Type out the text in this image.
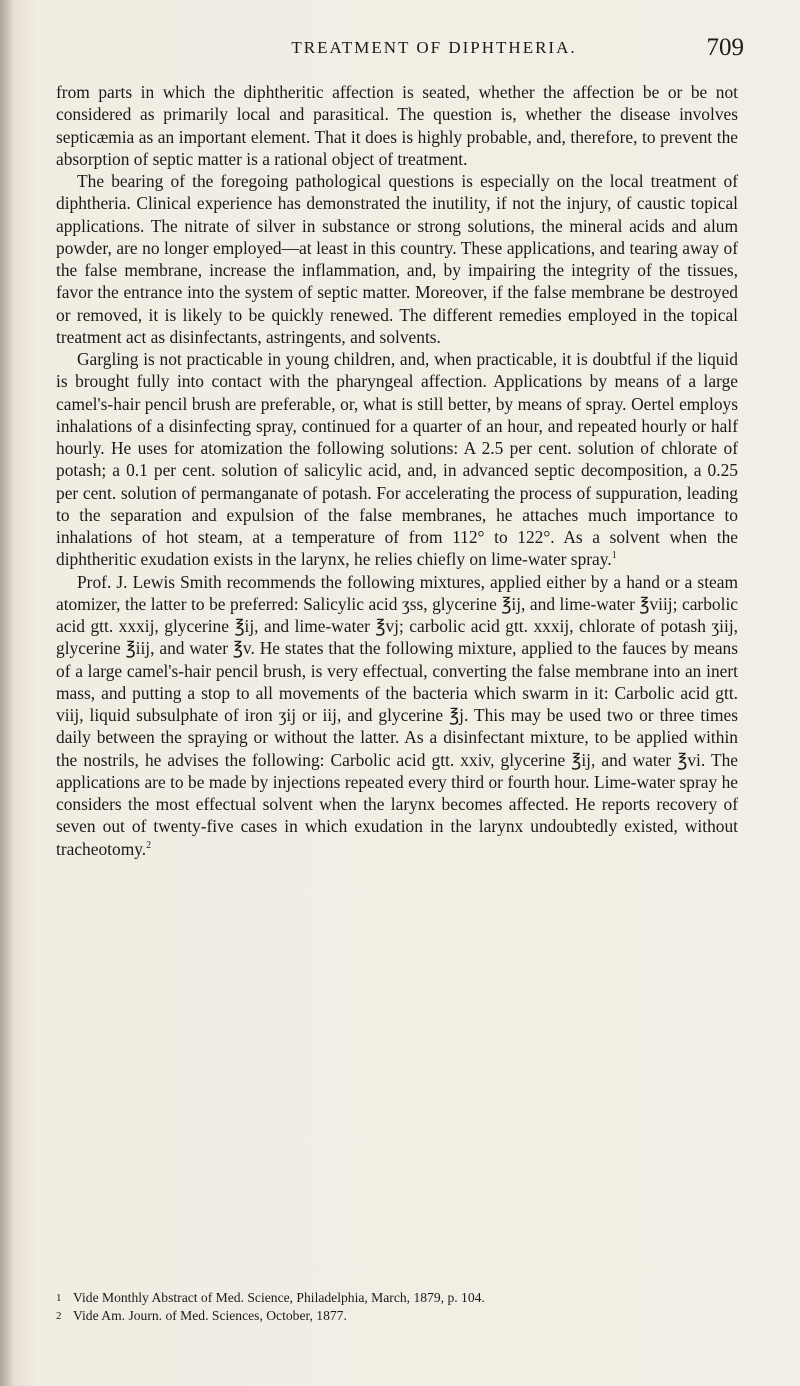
TREATMENT OF DIPHTHERIA.	709

from parts in which the diphtheritic affection is seated, whether the affection be or be not considered as primarily local and parasitical. The question is, whether the disease involves septicæmia as an important element. That it does is highly probable, and, therefore, to prevent the absorption of septic matter is a rational object of treatment.

The bearing of the foregoing pathological questions is especially on the local treatment of diphtheria. Clinical experience has demonstrated the inutility, if not the injury, of caustic topical applications. The nitrate of silver in substance or strong solutions, the mineral acids and alum powder, are no longer employed—at least in this country. These applications, and tearing away of the false membrane, increase the inflammation, and, by impairing the integrity of the tissues, favor the entrance into the system of septic matter. Moreover, if the false membrane be destroyed or removed, it is likely to be quickly renewed. The different remedies employed in the topical treatment act as disinfectants, astringents, and solvents.

Gargling is not practicable in young children, and, when practicable, it is doubtful if the liquid is brought fully into contact with the pharyngeal affection. Applications by means of a large camel's-hair pencil brush are preferable, or, what is still better, by means of spray. Oertel employs inhalations of a disinfecting spray, continued for a quarter of an hour, and repeated hourly or half hourly. He uses for atomization the following solutions: A 2.5 per cent. solution of chlorate of potash; a 0.1 per cent. solution of salicylic acid, and, in advanced septic decomposition, a 0.25 per cent. solution of permanganate of potash. For accelerating the process of suppuration, leading to the separation and expulsion of the false membranes, he attaches much importance to inhalations of hot steam, at a temperature of from 112° to 122°. As a solvent when the diphtheritic exudation exists in the larynx, he relies chiefly on lime-water spray.$^1$

Prof. J. Lewis Smith recommends the following mixtures, applied either by a hand or a steam atomizer, the latter to be preferred: Salicylic acid ʒss, glycerine ℥ij, and lime-water ℥viij; carbolic acid gtt. xxxij, glycerine ℥ij, and lime-water ℥vj; carbolic acid gtt. xxxij, chlorate of potash ʒiij, glycerine ℥iij, and water ℥v. He states that the following mixture, applied to the fauces by means of a large camel's-hair pencil brush, is very effectual, converting the false membrane into an inert mass, and putting a stop to all movements of the bacteria which swarm in it: Carbolic acid gtt. viij, liquid subsulphate of iron ʒij or iij, and glycerine ℥j. This may be used two or three times daily between the spraying or without the latter. As a disinfectant mixture, to be applied within the nostrils, he advises the following: Carbolic acid gtt. xxiv, glycerine ℥ij, and water ℥vi. The applications are to be made by injections repeated every third or fourth hour. Lime-water spray he considers the most effectual solvent when the larynx becomes affected. He reports recovery of seven out of twenty-five cases in which exudation in the larynx undoubtedly existed, without tracheotomy.$^2$

1 Vide Monthly Abstract of Med. Science, Philadelphia, March, 1879, p. 104.
2 Vide Am. Journ. of Med. Sciences, October, 1877.
